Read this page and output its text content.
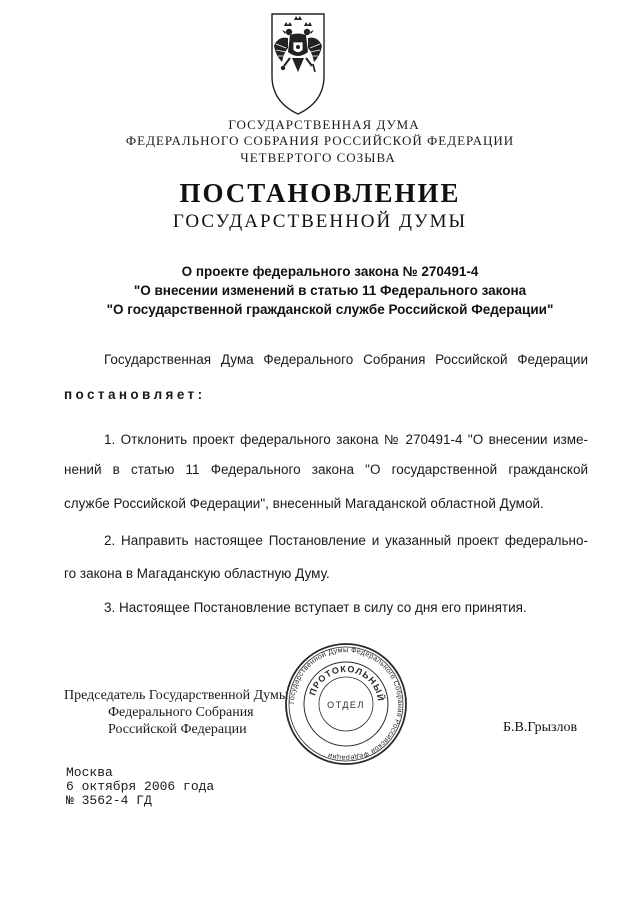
ГОСУДАРСТВЕННАЯ ДУМА
ФЕДЕРАЛЬНОГО СОБРАНИЯ РОССИЙСКОЙ ФЕДЕРАЦИИ
ЧЕТВЕРТОГО СОЗЫВА
ПОСТАНОВЛЕНИЕ
ГОСУДАРСТВЕННОЙ ДУМЫ
О проекте федерального закона № 270491-4
"О внесении изменений в статью 11 Федерального закона
"О государственной гражданской службе Российской Федерации"
Государственная Дума Федерального Собрания Российской Федерации
постановляет:
1. Отклонить проект федерального закона № 270491-4 "О внесении изме-
нений в статью 11 Федерального закона "О государственной гражданской
службе Российской Федерации", внесенный Магаданской областной Думой.
2. Направить настоящее Постановление и указанный проект федерально-
го закона в Магаданскую областную Думу.
3. Настоящее Постановление вступает в силу со дня его принятия.
Председатель Государственной Думы
Федерального Собрания
Российской Федерации
Государственной Думы Федерального Собрания Российской Федерации
ПРОТОКОЛЬНЫЙ
ОТДЕЛ
Б.В.Грызлов
Москва
6 октября 2006 года
№ 3562-4 ГД
